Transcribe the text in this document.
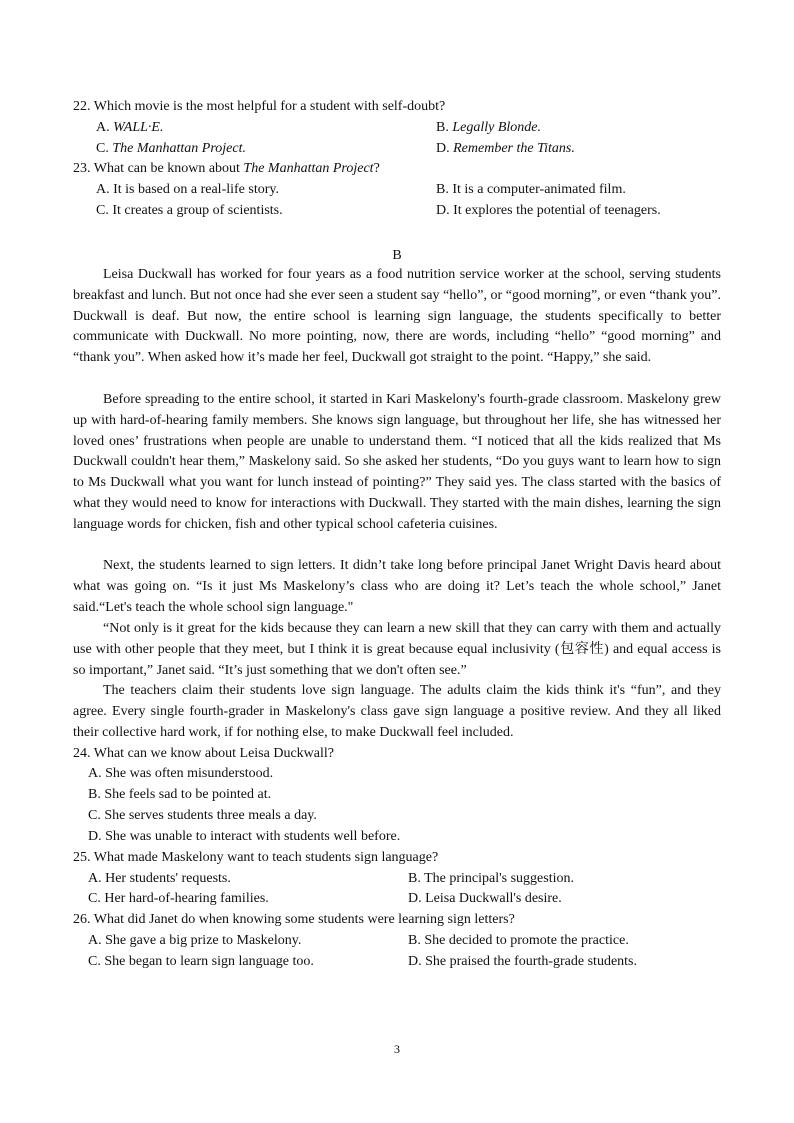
22. Which movie is the most helpful for a student with self-doubt?
A. WALL·E.	B. Legally Blonde.
C. The Manhattan Project.	D. Remember the Titans.
23. What can be known about The Manhattan Project?
A. It is based on a real-life story.	B. It is a computer-animated film.
C. It creates a group of scientists.	D. It explores the potential of teenagers.
B

Leisa Duckwall has worked for four years as a food nutrition service worker at the school, serving students breakfast and lunch. But not once had she ever seen a student say “hello”, or “good morning”, or even “thank you”. Duckwall is deaf. But now, the entire school is learning sign language, the students specifically to better communicate with Duckwall. No more pointing, now, there are words, including “hello” “good morning” and “thank you”. When asked how it’s made her feel, Duckwall got straight to the point. “Happy,” she said.

Before spreading to the entire school, it started in Kari Maskelony's fourth-grade classroom. Maskelony grew up with hard-of-hearing family members. She knows sign language, but throughout her life, she has witnessed her loved ones’ frustrations when people are unable to understand them. “I noticed that all the kids realized that Ms Duckwall couldn't hear them,” Maskelony said. So she asked her students, “Do you guys want to learn how to sign to Ms Duckwall what you want for lunch instead of pointing?” They said yes. The class started with the basics of what they would need to know for interactions with Duckwall. They started with the main dishes, learning the sign language words for chicken, fish and other typical school cafeteria cuisines.

Next, the students learned to sign letters. It didn’t take long before principal Janet Wright Davis heard about what was going on. “Is it just Ms Maskelony’s class who are doing it? Let’s teach the whole school,” Janet said.“Let's teach the whole school sign language."

“Not only is it great for the kids because they can learn a new skill that they can carry with them and actually use with other people that they meet, but I think it is great because equal inclusivity (包容性) and equal access is so important,” Janet said. “It’s just something that we don't often see.”

The teachers claim their students love sign language. The adults claim the kids think it's “fun”, and they agree. Every single fourth-grader in Maskelony's class gave sign language a positive review. And they all liked their collective hard work, if for nothing else, to make Duckwall feel included.

24. What can we know about Leisa Duckwall?
A. She was often misunderstood.
B. She feels sad to be pointed at.
C. She serves students three meals a day.
D. She was unable to interact with students well before.
25. What made Maskelony want to teach students sign language?
A. Her students' requests.	B. The principal's suggestion.
C. Her hard-of-hearing families.	D. Leisa Duckwall's desire.
26. What did Janet do when knowing some students were learning sign letters?
A. She gave a big prize to Maskelony.	B. She decided to promote the practice.
C. She began to learn sign language too.	D. She praised the fourth-grade students.
3
